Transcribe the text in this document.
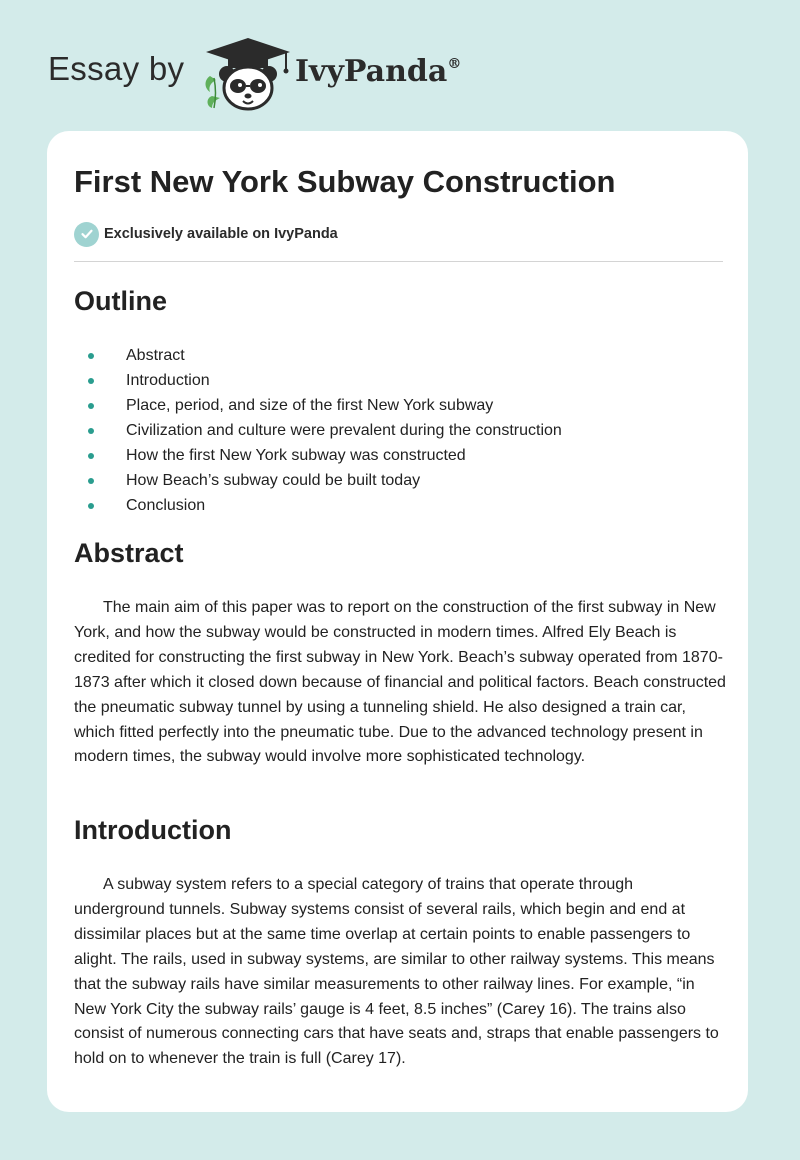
Essay by	IvyPanda®
First New York Subway Construction
Exclusively available on IvyPanda
Outline
Abstract
Introduction
Place, period, and size of the first New York subway
Civilization and culture were prevalent during the construction
How the first New York subway was constructed
How Beach’s subway could be built today
Conclusion
Abstract

The main aim of this paper was to report on the construction of the first subway in New York, and how the subway would be constructed in modern times. Alfred Ely Beach is credited for constructing the first subway in New York. Beach’s subway operated from 1870-1873 after which it closed down because of financial and political factors. Beach constructed the pneumatic subway tunnel by using a tunneling shield. He also designed a train car, which fitted perfectly into the pneumatic tube. Due to the advanced technology present in modern times, the subway would involve more sophisticated technology.

Introduction

A subway system refers to a special category of trains that operate through underground tunnels. Subway systems consist of several rails, which begin and end at dissimilar places but at the same time overlap at certain points to enable passengers to alight. The rails, used in subway systems, are similar to other railway systems. This means that the subway rails have similar measurements to other railway lines. For example, “in New York City the subway rails’ gauge is 4 feet, 8.5 inches” (Carey 16). The trains also consist of numerous connecting cars that have seats and, straps that enable passengers to hold on to whenever the train is full (Carey 17).
